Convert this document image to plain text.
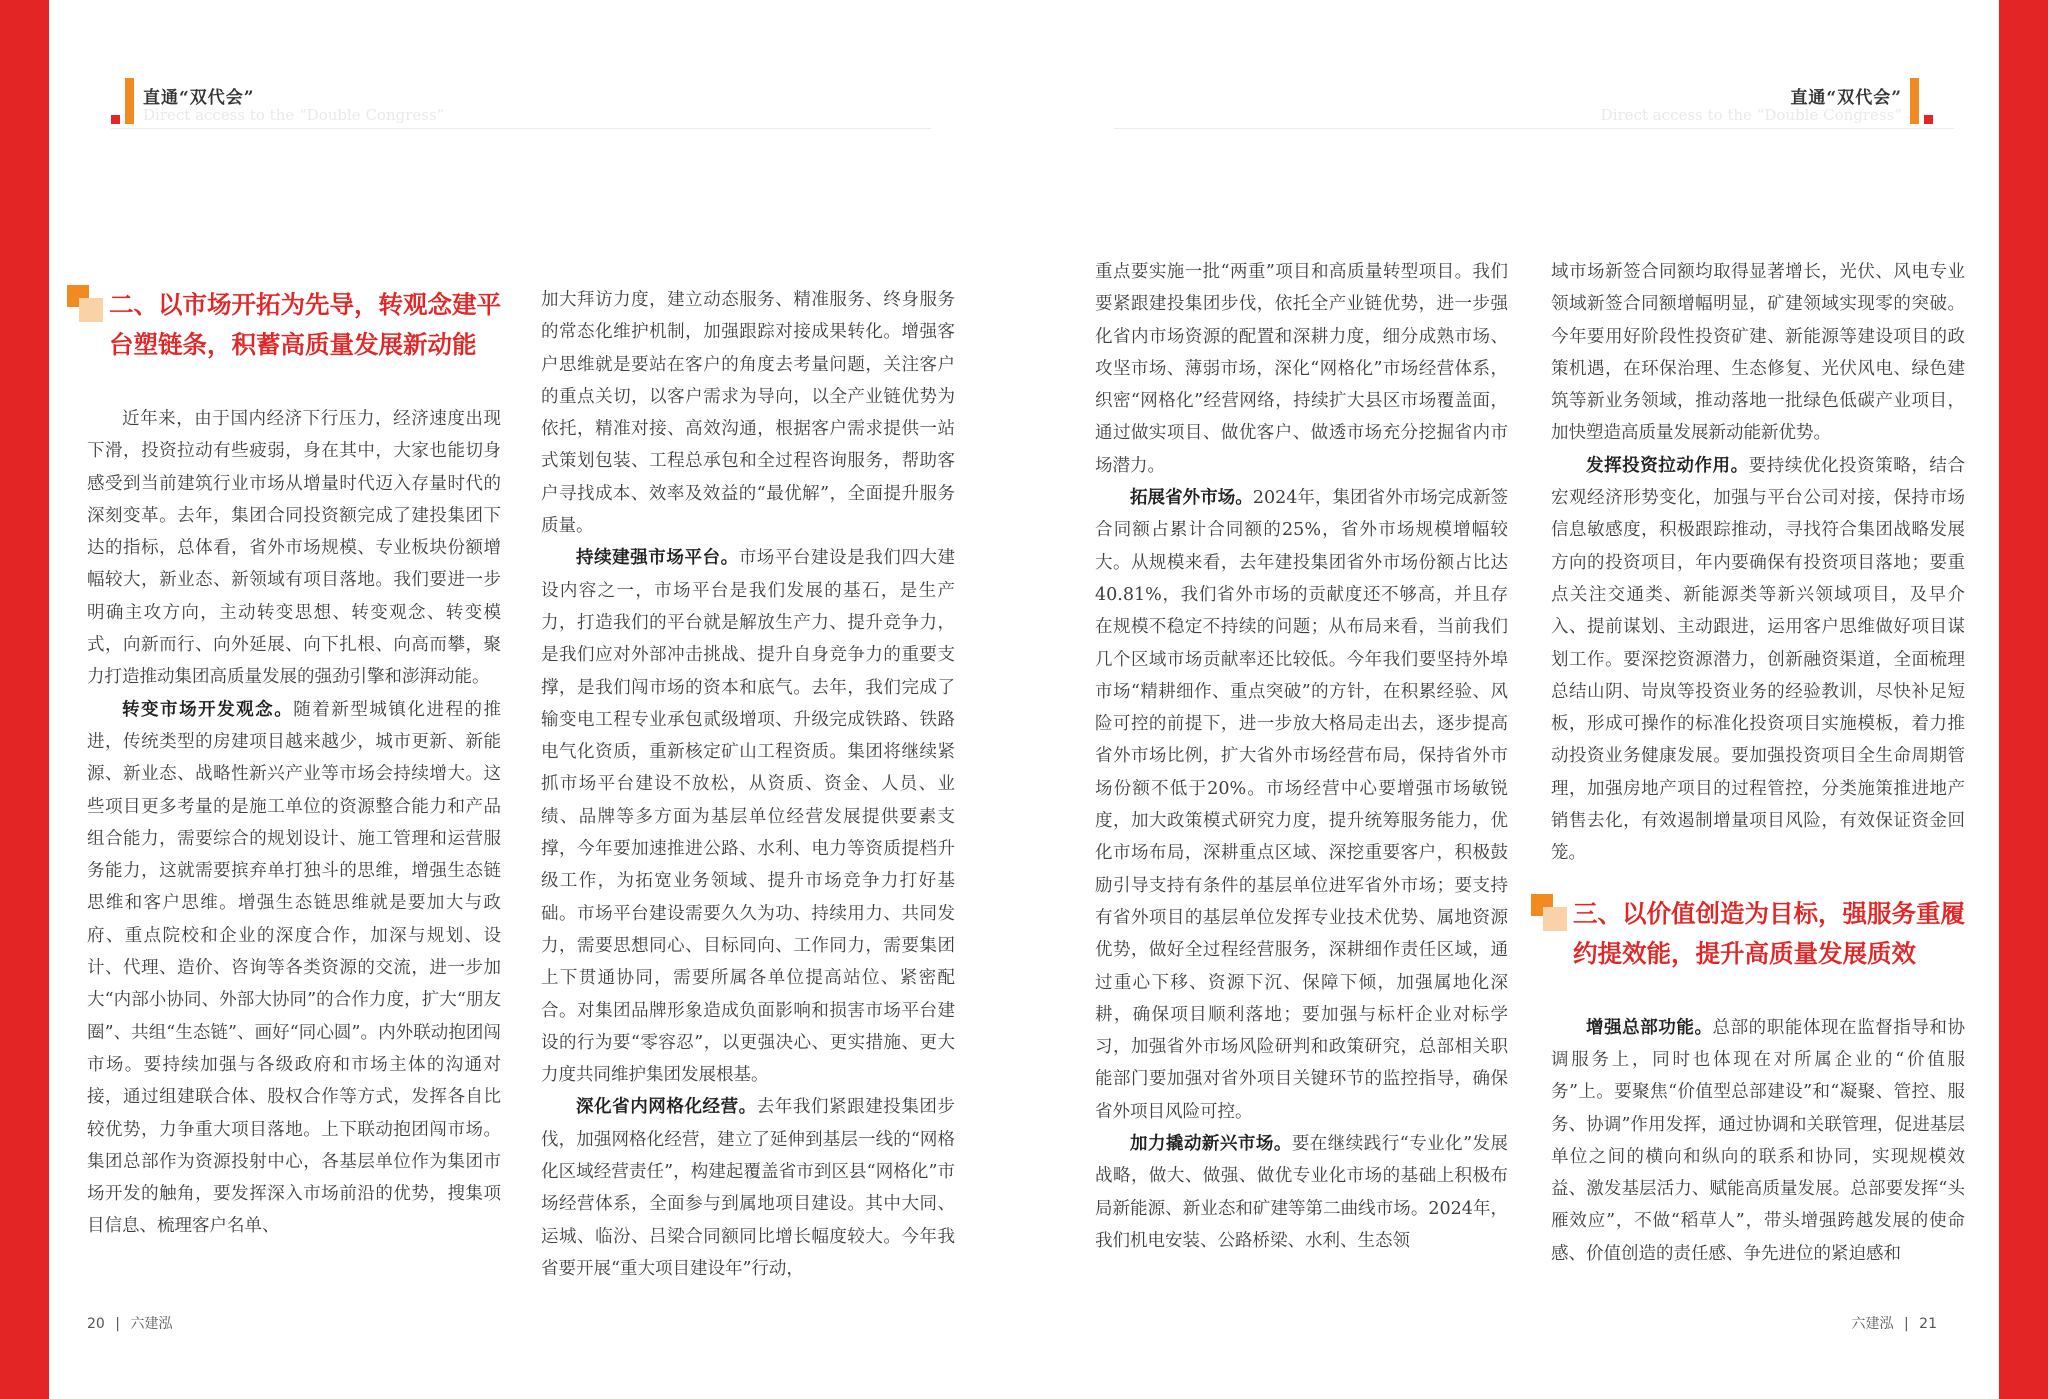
直通“双代会”
Direct access to the “Double Congress”
二、以市场开拓为先导，转观念建平台塑链条，积蓄高质量发展新动能

近年来，由于国内经济下行压力，经济速度出现下滑，投资拉动有些疲弱，身在其中，大家也能切身感受到当前建筑行业市场从增量时代迈入存量时代的深刻变革。去年，集团合同投资额完成了建投集团下达的指标，总体看，省外市场规模、专业板块份额增幅较大，新业态、新领域有项目落地。我们要进一步明确主攻方向，主动转变思想、转变观念、转变模式，向新而行、向外延展、向下扎根、向高而攀，聚力打造推动集团高质量发展的强劲引擎和澎湃动能。

转变市场开发观念。随着新型城镇化进程的推进，传统类型的房建项目越来越少，城市更新、新能源、新业态、战略性新兴产业等市场会持续增大。这些项目更多考量的是施工单位的资源整合能力和产品组合能力，需要综合的规划设计、施工管理和运营服务能力，这就需要摈弃单打独斗的思维，增强生态链思维和客户思维。增强生态链思维就是要加大与政府、重点院校和企业的深度合作，加深与规划、设计、代理、造价、咨询等各类资源的交流，进一步加大“内部小协同、外部大协同”的合作力度，扩大“朋友圈”、共组“生态链”、画好“同心圆”。内外联动抱团闯市场。要持续加强与各级政府和市场主体的沟通对接，通过组建联合体、股权合作等方式，发挥各自比较优势，力争重大项目落地。上下联动抱团闯市场。集团总部作为资源投射中心，各基层单位作为集团市场开发的触角，要发挥深入市场前沿的优势，搜集项目信息、梳理客户名单、

加大拜访力度，建立动态服务、精准服务、终身服务的常态化维护机制，加强跟踪对接成果转化。增强客户思维就是要站在客户的角度去考量问题，关注客户的重点关切，以客户需求为导向，以全产业链优势为依托，精准对接、高效沟通，根据客户需求提供一站式策划包装、工程总承包和全过程咨询服务，帮助客户寻找成本、效率及效益的“最优解”，全面提升服务质量。

持续建强市场平台。市场平台建设是我们四大建设内容之一，市场平台是我们发展的基石，是生产力，打造我们的平台就是解放生产力、提升竞争力，是我们应对外部冲击挑战、提升自身竞争力的重要支撑，是我们闯市场的资本和底气。去年，我们完成了输变电工程专业承包贰级增项、升级完成铁路、铁路电气化资质，重新核定矿山工程资质。集团将继续紧抓市场平台建设不放松，从资质、资金、人员、业绩、品牌等多方面为基层单位经营发展提供要素支撑，今年要加速推进公路、水利、电力等资质提档升级工作，为拓宽业务领域、提升市场竞争力打好基础。市场平台建设需要久久为功、持续用力、共同发力，需要思想同心、目标同向、工作同力，需要集团上下贯通协同，需要所属各单位提高站位、紧密配合。对集团品牌形象造成负面影响和损害市场平台建设的行为要“零容忍”，以更强决心、更实措施、更大力度共同维护集团发展根基。

深化省内网格化经营。去年我们紧跟建投集团步伐，加强网格化经营，建立了延伸到基层一线的“网格化区域经营责任”，构建起覆盖省市到区县“网格化”市场经营体系，全面参与到属地项目建设。其中大同、运城、临汾、吕梁合同额同比增长幅度较大。今年我省要开展“重大项目建设年”行动，

20 | 六建泓
直通“双代会”
Direct access to the “Double Congress”

重点要实施一批“两重”项目和高质量转型项目。我们要紧跟建投集团步伐，依托全产业链优势，进一步强化省内市场资源的配置和深耕力度，细分成熟市场、攻坚市场、薄弱市场，深化“网格化”市场经营体系，织密“网格化”经营网络，持续扩大县区市场覆盖面，通过做实项目、做优客户、做透市场充分挖掘省内市场潜力。

拓展省外市场。2024年，集团省外市场完成新签合同额占累计合同额的25%，省外市场规模增幅较大。从规模来看，去年建投集团省外市场份额占比达40.81%，我们省外市场的贡献度还不够高，并且存在规模不稳定不持续的问题；从布局来看，当前我们几个区域市场贡献率还比较低。今年我们要坚持外埠市场“精耕细作、重点突破”的方针，在积累经验、风险可控的前提下，进一步放大格局走出去，逐步提高省外市场比例，扩大省外市场经营布局，保持省外市场份额不低于20%。市场经营中心要增强市场敏锐度，加大政策模式研究力度，提升统筹服务能力，优化市场布局，深耕重点区域、深挖重要客户，积极鼓励引导支持有条件的基层单位进军省外市场；要支持有省外项目的基层单位发挥专业技术优势、属地资源优势，做好全过程经营服务，深耕细作责任区域，通过重心下移、资源下沉、保障下倾，加强属地化深耕，确保项目顺利落地；要加强与标杆企业对标学习，加强省外市场风险研判和政策研究，总部相关职能部门要加强对省外项目关键环节的监控指导，确保省外项目风险可控。

加力撬动新兴市场。要在继续践行“专业化”发展战略，做大、做强、做优专业化市场的基础上积极布局新能源、新业态和矿建等第二曲线市场。2024年，我们机电安装、公路桥梁、水利、生态领

域市场新签合同额均取得显著增长，光伏、风电专业领域新签合同额增幅明显，矿建领域实现零的突破。今年要用好阶段性投资矿建、新能源等建设项目的政策机遇，在环保治理、生态修复、光伏风电、绿色建筑等新业务领域，推动落地一批绿色低碳产业项目，加快塑造高质量发展新动能新优势。

发挥投资拉动作用。要持续优化投资策略，结合宏观经济形势变化，加强与平台公司对接，保持市场信息敏感度，积极跟踪推动，寻找符合集团战略发展方向的投资项目，年内要确保有投资项目落地；要重点关注交通类、新能源类等新兴领域项目，及早介入、提前谋划、主动跟进，运用客户思维做好项目谋划工作。要深挖资源潜力，创新融资渠道，全面梳理总结山阴、岢岚等投资业务的经验教训，尽快补足短板，形成可操作的标准化投资项目实施模板，着力推动投资业务健康发展。要加强投资项目全生命周期管理，加强房地产项目的过程管控，分类施策推进地产销售去化，有效遏制增量项目风险，有效保证资金回笼。

三、以价值创造为目标，强服务重履约提效能，提升高质量发展质效

增强总部功能。总部的职能体现在监督指导和协调服务上，同时也体现在对所属企业的“价值服务”上。要聚焦“价值型总部建设”和“凝聚、管控、服务、协调”作用发挥，通过协调和关联管理，促进基层单位之间的横向和纵向的联系和协同，实现规模效益、激发基层活力、赋能高质量发展。总部要发挥“头雁效应”，不做“稻草人”，带头增强跨越发展的使命感、价值创造的责任感、争先进位的紧迫感和

六建泓 | 21
